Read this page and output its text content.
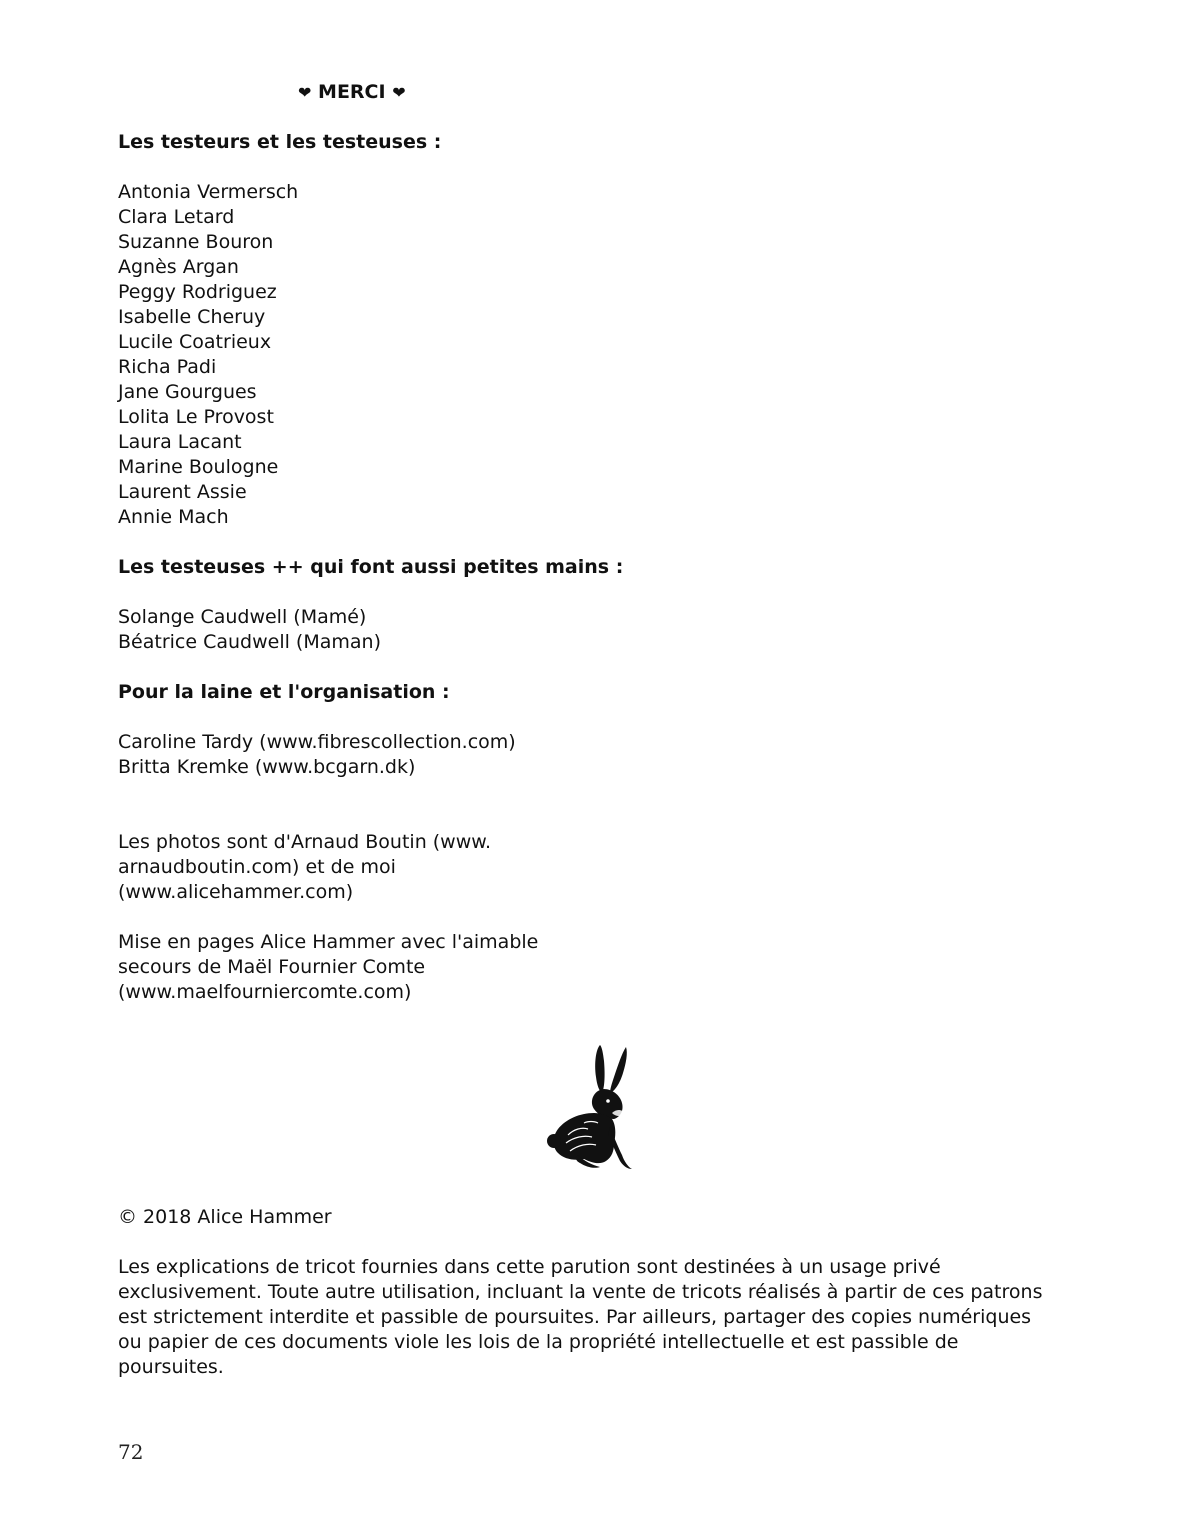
❤ MERCI ❤
Les testeurs et les testeuses :
Antonia Vermersch
Clara Letard
Suzanne Bouron
Agnès Argan
Peggy Rodriguez
Isabelle Cheruy
Lucile Coatrieux
Richa Padi
Jane Gourgues
Lolita Le Provost
Laura Lacant
Marine Boulogne
Laurent Assie
Annie Mach
Les testeuses ++ qui font aussi petites mains :
Solange Caudwell (Mamé)
Béatrice Caudwell (Maman)
Pour la laine et l'organisation :
Caroline Tardy (www.fibrescollection.com)
Britta Kremke (www.bcgarn.dk)
Les photos sont d'Arnaud Boutin (www.
arnaudboutin.com) et de moi
(www.alicehammer.com)
Mise en pages Alice Hammer avec l'aimable
secours de Maël Fournier Comte
(www.maelfourniercomte.com)
© 2018 Alice Hammer

Les explications de tricot fournies dans cette parution sont destinées à un usage privé exclusivement. Toute autre utilisation, incluant la vente de tricots réalisés à partir de ces patrons est strictement interdite et passible de poursuites. Par ailleurs, partager des copies numériques ou papier de ces documents viole les lois de la propriété intellectuelle et est passible de poursuites.

72
